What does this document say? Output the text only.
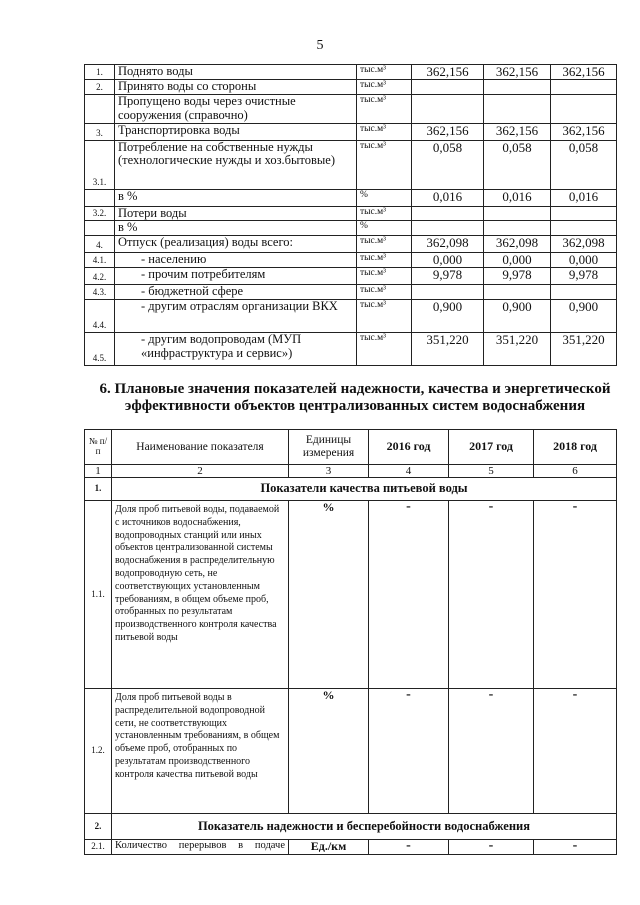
5
1.	Поднято воды	тыс.м³	362,156	362,156	362,156
2.	Принято воды со стороны	тыс.м³			
	Пропущено воды через очистные сооружения (справочно)	тыс.м³			
3.	Транспортировка воды	тыс.м³	362,156	362,156	362,156
3.1.	Потребление на собственные нужды (технологические нужды и хоз.бытовые)	тыс.м³	0,058	0,058	0,058
	в %	%	0,016	0,016	0,016
3.2.	Потери воды	тыс.м³			
	в %	%			
4.	Отпуск (реализация) воды всего:	тыс.м³	362,098	362,098	362,098
4.1.	- населению	тыс.м³	0,000	0,000	0,000
4.2.	- прочим потребителям	тыс.м³	9,978	9,978	9,978
4.3.	- бюджетной сфере	тыс.м³			
4.4.	- другим отраслям организации ВКХ	тыс.м³	0,900	0,900	0,900
4.5.	- другим водопроводам (МУП «инфраструктура и сервис»)	тыс.м³	351,220	351,220	351,220
6. Плановые значения показателей надежности, качества и энергетической эффективности объектов централизованных систем водоснабжения
№ п/п	Наименование показателя	Единицы измерения	2016 год	2017 год	2018 год
1	2	3	4	5	6
1.	Показатели качества питьевой воды				
1.1.	Доля проб питьевой воды, подаваемой с источников водоснабжения, водопроводных станций или иных объектов централизованной системы водоснабжения в распределительную водопроводную сеть, не соответствующих установленным требованиям, в общем объеме проб, отобранных по результатам производственного контроля качества питьевой воды	%	-	-	-
1.2.	Доля проб питьевой воды в распределительной водопроводной сети, не соответствующих установленным требованиям, в общем объеме проб, отобранных по результатам производственного контроля качества питьевой воды	%	-	-	-
2.	Показатель надежности и бесперебойности водоснабжения				
2.1.	Количество перерывов в подаче	Ед./км	-	-	-
